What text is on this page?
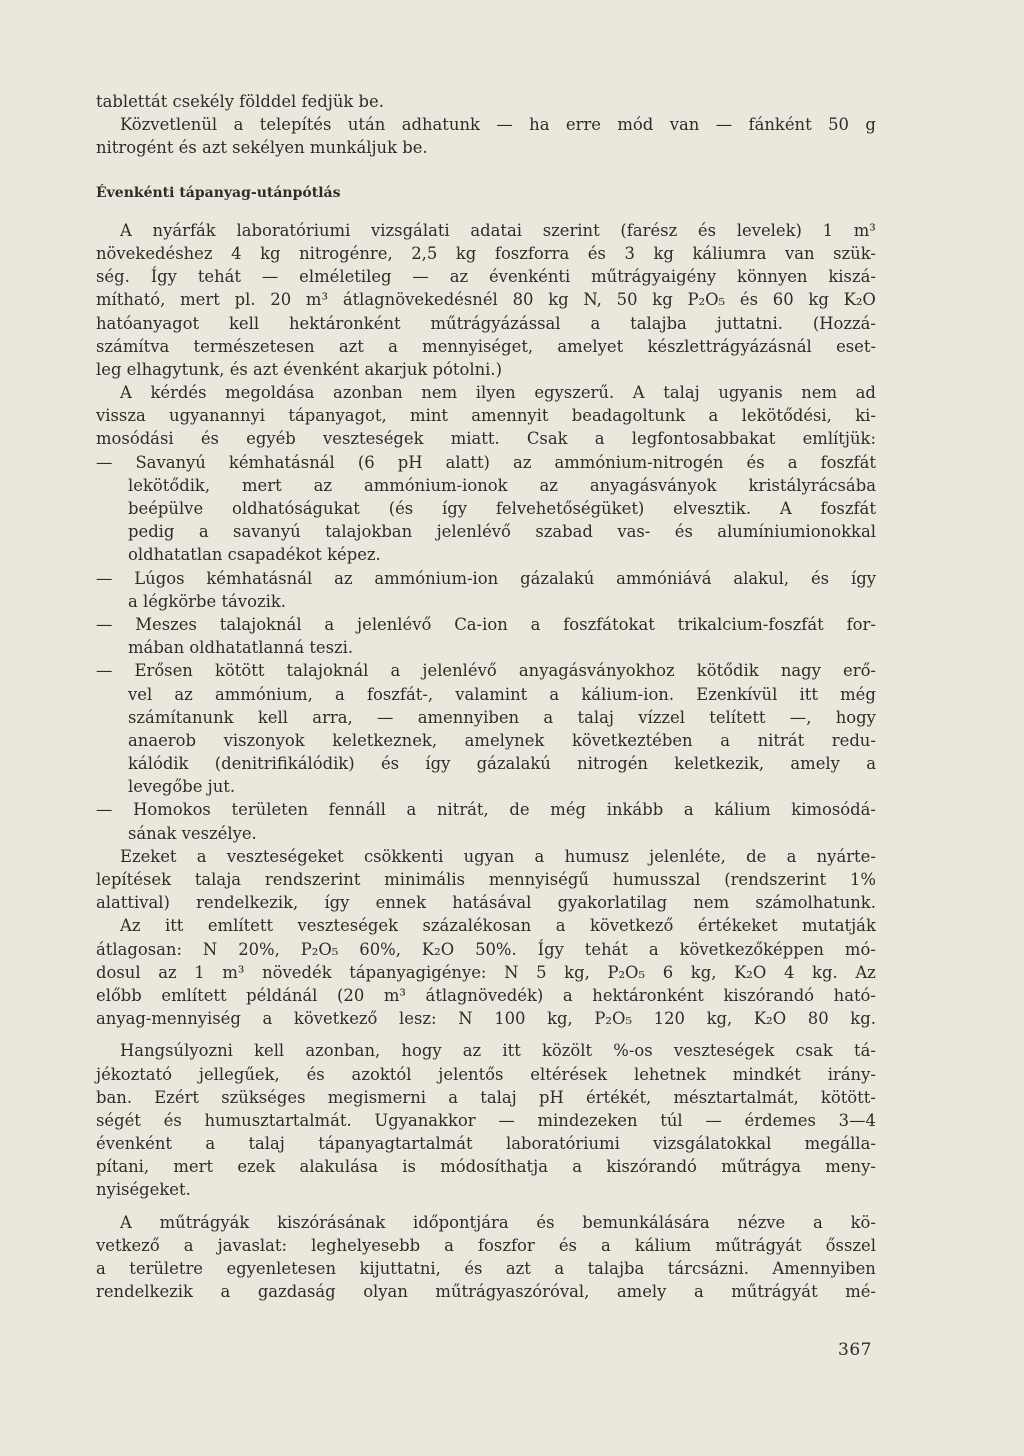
tablettát csekély földdel fedjük be.
Közvetlenül a telepítés után adhatunk — ha erre mód van — fánként 50 g
nitrogént és azt sekélyen munkáljuk be.
Évenkénti tápanyag-utánpótlás
A nyárfák laboratóriumi vizsgálati adatai szerint (farész és levelek) 1 m³
növekedéshez 4 kg nitrogénre, 2,5 kg foszforra és 3 kg káliumra van szük-
ség. Így tehát — elméletileg — az évenkénti műtrágyaigény könnyen kiszá-
mítható, mert pl. 20 m³ átlagnövekedésnél 80 kg N, 50 kg P₂O₅ és 60 kg K₂O
hatóanyagot kell hektáronként műtrágyázással a talajba juttatni. (Hozzá-
számítva természetesen azt a mennyiséget, amelyet készlettrágyázásnál eset-
leg elhagytunk, és azt évenként akarjuk pótolni.)
A kérdés megoldása azonban nem ilyen egyszerű. A talaj ugyanis nem ad
vissza ugyanannyi tápanyagot, mint amennyit beadagoltunk a lekötődési, ki-
mosódási és egyéb veszteségek miatt. Csak a legfontosabbakat említjük:
— Savanyú kémhatásnál (6 pH alatt) az ammónium-nitrogén és a foszfát
lekötődik, mert az ammónium-ionok az anyagásványok kristályrácsába
beépülve oldhatóságukat (és így felvehetőségüket) elvesztik. A foszfát
pedig a savanyú talajokban jelenlévő szabad vas- és alumíniumionokkal
oldhatatlan csapadékot képez.
— Lúgos kémhatásnál az ammónium-ion gázalakú ammóniává alakul, és így
a légkörbe távozik.
— Meszes talajoknál a jelenlévő Ca-ion a foszfátokat trikalcium-foszfát for-
mában oldhatatlanná teszi.
— Erősen kötött talajoknál a jelenlévő anyagásványokhoz kötődik nagy erő-
vel az ammónium, a foszfát-, valamint a kálium-ion. Ezenkívül itt még
számítanunk kell arra, — amennyiben a talaj vízzel telített —, hogy
anaerob viszonyok keletkeznek, amelynek következtében a nitrát redu-
kálódik (denitrifikálódik) és így gázalakú nitrogén keletkezik, amely a
levegőbe jut.
— Homokos területen fennáll a nitrát, de még inkább a kálium kimosódá-
sának veszélye.
Ezeket a veszteségeket csökkenti ugyan a humusz jelenléte, de a nyárte-
lepítések talaja rendszerint minimális mennyiségű humusszal (rendszerint 1%
alattival) rendelkezik, így ennek hatásával gyakorlatilag nem számolhatunk.
Az itt említett veszteségek százalékosan a következő értékeket mutatják
átlagosan: N 20%, P₂O₅ 60%, K₂O 50%. Így tehát a következőképpen mó-
dosul az 1 m³ növedék tápanyagigénye: N 5 kg, P₂O₅ 6 kg, K₂O 4 kg. Az
előbb említett példánál (20 m³ átlagnövedék) a hektáronként kiszórandó ható-
anyag-mennyiség a következő lesz: N 100 kg, P₂O₅ 120 kg, K₂O 80 kg.
Hangsúlyozni kell azonban, hogy az itt közölt %-os veszteségek csak tá-
jékoztató jellegűek, és azoktól jelentős eltérések lehetnek mindkét irány-
ban. Ezért szükséges megismerni a talaj pH értékét, mésztartalmát, kötött-
ségét és humusztartalmát. Ugyanakkor — mindezeken túl — érdemes 3—4
évenként a talaj tápanyagtartalmát laboratóriumi vizsgálatokkal megálla-
pítani, mert ezek alakulása is módosíthatja a kiszórandó műtrágya meny-
nyiségeket.
A műtrágyák kiszórásának időpontjára és bemunkálására nézve a kö-
vetkező a javaslat: leghelyesebb a foszfor és a kálium műtrágyát ősszel
a területre egyenletesen kijuttatni, és azt a talajba tárcsázni. Amennyiben
rendelkezik a gazdaság olyan műtrágyaszóróval, amely a műtrágyát mé-
367
